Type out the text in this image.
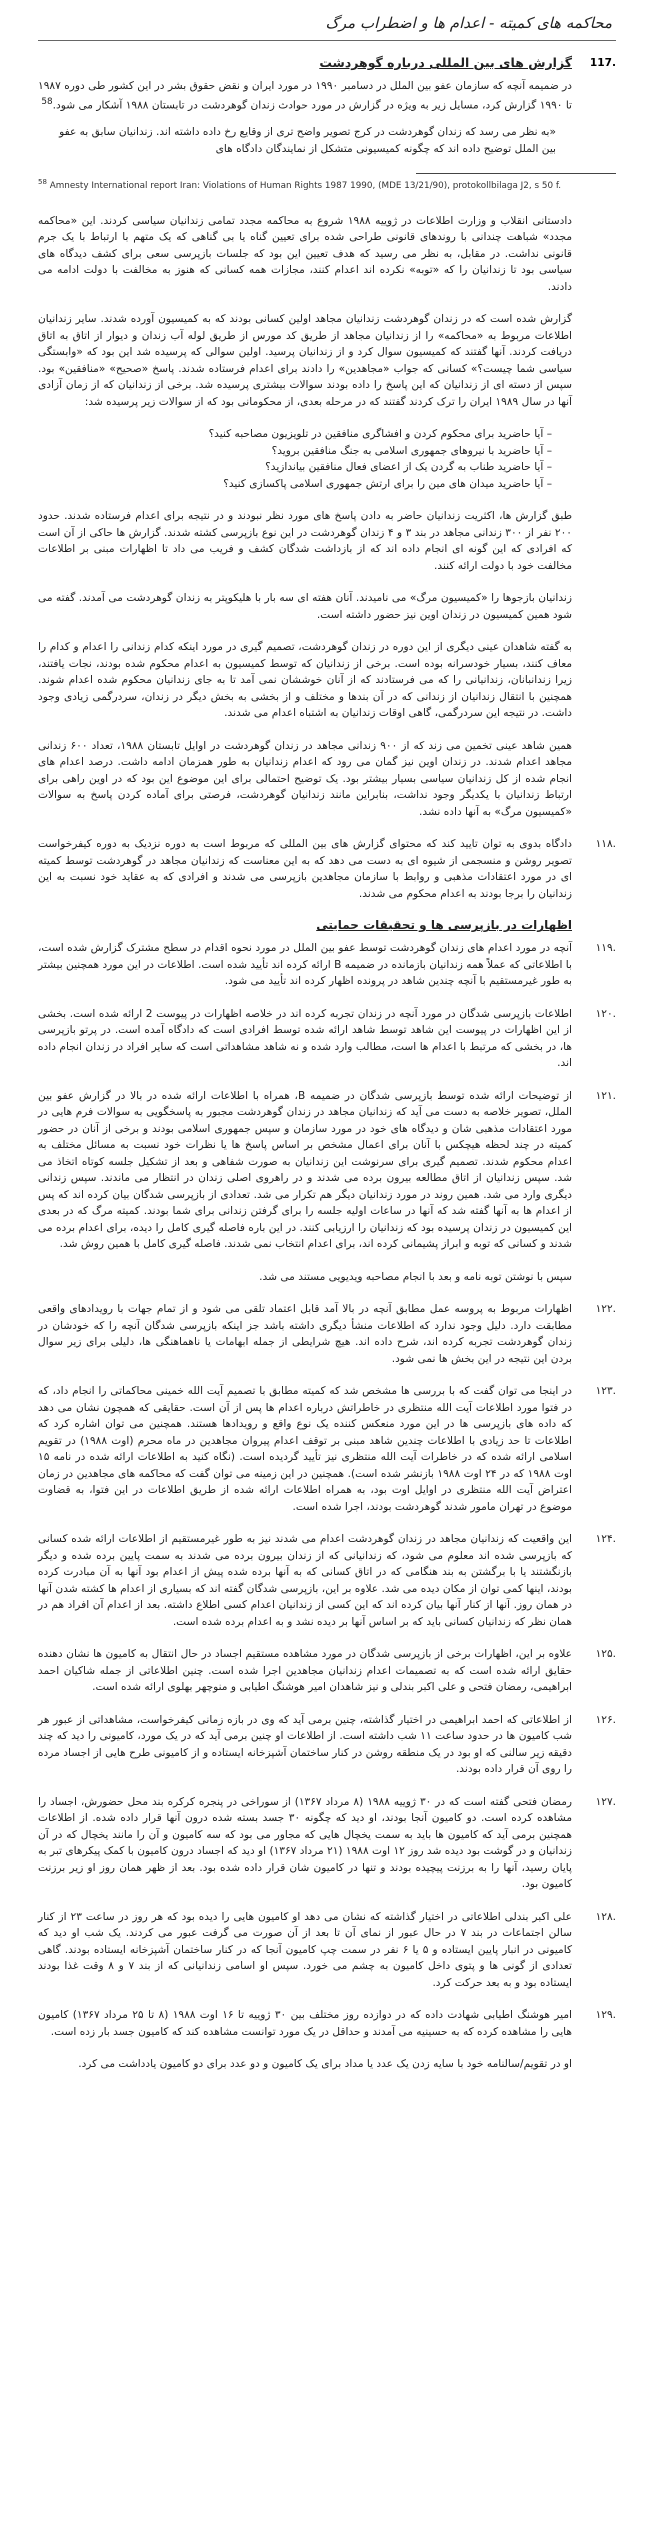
محاکمه های کمیته - اعدام ها و اضطراب مرگ
117.
گزارش های بین المللی درباره گوهردشت
در ضمیمه آنچه که سازمان عفو بین الملل در دسامبر ۱۹۹۰ در مورد ایران و نقض حقوق بشر در این کشور طی دوره ۱۹۸۷ تا ۱۹۹۰ گزارش کرد، مسایل زیر به ویژه در گزارش در مورد حوادث زندان گوهردشت در تابستان ۱۹۸۸ آشکار می شود.$^{58}$
«به نظر می رسد که زندان گوهردشت در کرج تصویر واضح تری از وقایع رخ داده داشته اند. زندانیان سابق به عفو بین الملل توضیح داده اند که چگونه کمیسیونی متشکل از نمایندگان دادگاه های
$^{58}$ Amnesty International report Iran: Violations of Human Rights 1987 1990, (MDE 13/21/90), protokollbilaga J2, s 50 f.
دادستانی انقلاب و وزارت اطلاعات در ژوییه ۱۹۸۸ شروع به محاکمه مجدد تمامی زندانیان سیاسی کردند. این «محاکمه مجدد» شباهت چندانی با روندهای قانونی طراحی شده برای تعیین گناه یا بی گناهی که یک متهم با ارتباط با یک جرم قانونی نداشت. در مقابل، به نظر می رسید که هدف تعیین این بود که جلسات بازپرسی سعی برای کشف دیدگاه های سیاسی بود تا زندانیان را که «توبه» نکرده اند اعدام کنند، مجازات همه کسانی که هنوز به مخالفت با دولت ادامه می دادند.
گزارش شده است که در زندان گوهردشت زندانیان مجاهد اولین کسانی بودند که به کمیسیون آورده شدند. سایر زندانیان اطلاعات مربوط به «محاکمه» را از زندانیان مجاهد از طریق کد مورس از طریق لوله آب زندان و دیوار از اتاق به اتاق دریافت کردند. آنها گفتند که کمیسیون سوال کرد و از زندانیان پرسید. اولین سوالی که پرسیده شد این بود که «وابستگی سیاسی شما چیست؟» کسانی که جواب «مجاهدین» را دادند برای اعدام فرستاده شدند. پاسخ «صحیح» «منافقین» بود. سپس از دسته ای از زندانیان که این پاسخ را داده بودند سوالات بیشتری پرسیده شد. برخی از زندانیان که از زمان آزادی آنها در سال ۱۹۸۹ ایران را ترک کردند گفتند که در مرحله بعدی، از محکومانی بود که از سوالات زیر پرسیده شد:
– آیا حاضرید برای محکوم کردن و افشاگری منافقین در تلویزیون مصاحبه کنید؟
– آیا حاضرید با نیروهای جمهوری اسلامی به جنگ منافقین بروید؟
– آیا حاضرید طناب به گردن یک از اعضای فعال منافقین بیاندازید؟
– آیا حاضرید میدان های مین را برای ارتش جمهوری اسلامی پاکسازی کنید؟
طبق گزارش ها، اکثریت زندانیان حاضر به دادن پاسخ های مورد نظر نبودند و در نتیجه برای اعدام فرستاده شدند. حدود ۲۰۰ نفر از ۳۰۰ زندانی مجاهد در بند ۳ و ۴ زندان گوهردشت در این نوع بازپرسی کشته شدند. گزارش ها حاکی از آن است که افرادی که این گونه ای انجام داده اند که از بازداشت شدگان کشف و فریب می داد تا اظهارات مبنی بر اطلاعات مخالفت خود با دولت ارائه کنند.
زندانیان بازجوها را «کمیسیون مرگ» می نامیدند. آنان هفته ای سه بار با هلیکوپتر به زندان گوهردشت می آمدند. گفته می شود همین کمیسیون در زندان اوین نیز حضور داشته است.
به گفته شاهدان عینی دیگری از این دوره در زندان گوهردشت، تصمیم گیری در مورد اینکه کدام زندانی را اعدام و کدام را معاف کنند، بسیار خودسرانه بوده است. برخی از زندانیان که توسط کمیسیون به اعدام محکوم شده بودند، نجات یافتند، زیرا زندانبانان، زندانیانی را که می فرستادند که از آنان خوششان نمی آمد تا به جای زندانیان محکوم شده اعدام شوند. همچنین با انتقال زندانیان از زندانی که در آن بندها و مختلف و از بخشی به بخش دیگر در زندان، سردرگمی زیادی وجود داشت. در نتیجه این سردرگمی، گاهی اوقات زندانیان به اشتباه اعدام می شدند.
همین شاهد عینی تخمین می زند که از ۹۰۰ زندانی مجاهد در زندان گوهردشت در اوایل تابستان ۱۹۸۸، تعداد ۶۰۰ زندانی مجاهد اعدام شدند. در زندان اوین نیز گمان می رود که اعدام زندانیان به طور همزمان ادامه داشت. درصد اعدام های انجام شده از کل زندانیان سیاسی بسیار بیشتر بود. یک توضیح احتمالی برای این موضوع این بود که در اوین راهی برای ارتباط زندانیان با یکدیگر وجود نداشت، بنابراین مانند زندانیان گوهردشت، فرصتی برای آماده کردن پاسخ به سوالات «کمیسیون مرگ» به آنها داده نشد.
۱۱۸.
دادگاه بدوی به توان تایید کند که محتوای گزارش های بین المللی که مربوط است به دوره نزدیک به دوره کیفرخواست تصویر روشن و منسجمی از شیوه ای به دست می دهد که به این معناست که زندانیان مجاهد در گوهردشت توسط کمیته ای در مورد اعتقادات مذهبی و روابط با سازمان مجاهدین بازپرسی می شدند و افرادی که به عقاید خود نسبت به این زندانیان را برجا بودند به اعدام محکوم می شدند.
اظهارات در بازپرسی ها و تحقیقات حمایتی
۱۱۹.
آنچه در مورد اعدام های زندان گوهردشت توسط عفو بین الملل در مورد نحوه اقدام در سطح مشترک گزارش شده است، با اطلاعاتی که عملاً همه زندانیان بازمانده در ضمیمه B ارائه کرده اند تأیید شده است. اطلاعات در این مورد همچنین بیشتر به طور غیرمستقیم با آنچه چندین شاهد در پرونده اظهار کرده اند تأیید می شود.
۱۲۰.
اطلاعات بازپرسی شدگان در مورد آنچه در زندان تجربه کرده اند در خلاصه اظهارات در پیوست 2 ارائه شده است. بخشی از این اظهارات در پیوست این شاهد توسط شاهد ارائه شده توسط افرادی است که دادگاه آمده است. در پرتو بازپرسی ها، در بخشی که مرتبط با اعدام ها است، مطالب وارد شده و نه شاهد مشاهداتی است که سایر افراد در زندان انجام داده اند.
۱۲۱.
از توضیحات ارائه شده توسط بازپرسی شدگان در ضمیمه B، همراه با اطلاعات ارائه شده در بالا در گزارش عفو بین الملل، تصویر خلاصه به دست می آید که زندانیان مجاهد در زندان گوهردشت مجبور به پاسخگویی به سوالات فرم هایی در مورد اعتقادات مذهبی شان و دیدگاه های خود در مورد سازمان و سپس جمهوری اسلامی بودند و برخی از آنان در حضور کمیته در چند لحظه هیچکس با آنان برای اعمال مشخص بر اساس پاسخ ها یا نظرات خود نسبت به مسائل مختلف به اعدام محکوم شدند. تصمیم گیری برای سرنوشت این زندانیان به صورت شفاهی و بعد از تشکیل جلسه کوتاه اتخاذ می شد. سپس زندانیان از اتاق مطالعه بیرون برده می شدند و در راهروی اصلی زندان در انتظار می ماندند. سپس زندانی دیگری وارد می شد. همین روند در مورد زندانیان دیگر هم تکرار می شد. تعدادی از بازپرسی شدگان بیان کرده اند که پس از اعدام ها به آنها گفته شد که آنها در ساعات اولیه جلسه را برای گرفتن زندانی برای شما بودند. کمیته مرگ که در بعدی این کمیسیون در زندان پرسیده بود که زندانیان را ارزیابی کنند. در این باره فاصله گیری کامل را دیده، برای اعدام برده می شدند و کسانی که توبه و ابراز پشیمانی کرده اند، برای اعدام انتخاب نمی شدند. فاصله گیری کامل با همین روش شد.
سپس با نوشتن توبه نامه و بعد با انجام مصاحبه ویدیویی مستند می شد.
۱۲۲.
اظهارات مربوط به پروسه عمل مطابق آنچه در بالا آمد قابل اعتماد تلقی می شود و از تمام جهات با رویدادهای واقعی مطابقت دارد. دلیل وجود ندارد که اطلاعات منشأ دیگری داشته باشد جز اینکه بازپرسی شدگان آنچه را که خودشان در زندان گوهردشت تجربه کرده اند، شرح داده اند. هیچ شرایطی از جمله ابهامات یا ناهماهنگی ها، دلیلی برای زیر سوال بردن این نتیجه در این بخش ها نمی شود.
۱۲۳.
در اینجا می توان گفت که با بررسی ها مشخص شد که کمیته مطابق با تصمیم آیت الله خمینی محاکماتی را انجام داد، که در فتوا مورد اطلاعات آیت الله منتظری در خاطراتش درباره اعدام ها پس از آن است. حقایقی که همچون نشان می دهد که داده های بازپرسی ها در این مورد منعکس کننده یک نوع واقع و رویدادها هستند. همچنین می توان اشاره کرد که اطلاعات تا حد زیادی با اطلاعات چندین شاهد مبنی بر توقف اعدام پیروان مجاهدین در ماه محرم (اوت ۱۹۸۸) در تقویم اسلامی ارائه شده که در خاطرات آیت الله منتظری نیز تأیید گردیده است. (نگاه کنید به اطلاعات ارائه شده در نامه ۱۵ اوت ۱۹۸۸ که در ۲۴ اوت ۱۹۸۸ بازنشر شده است). همچنین در این زمینه می توان گفت که محاکمه های مجاهدین در زمان اعتراض آیت الله منتظری در اوایل اوت بود، به همراه اطلاعات ارائه شده از طریق اطلاعات در این فتوا، به قضاوت موضوع در تهران مامور شدند گوهردشت بودند، اجرا شده است.
۱۲۴.
این واقعیت که زندانیان مجاهد در زندان گوهردشت اعدام می شدند نیز به طور غیرمستقیم از اطلاعات ارائه شده کسانی که بازپرسی شده اند معلوم می شود، که زندانیانی که از زندان بیرون برده می شدند به سمت پایین برده شده و دیگر بازنگشتند یا با برگشتن به بند هنگامی که در اتاق کسانی که به آنها برده شده پیش از اعدام بود آنها به آن مبادرت کرده بودند، اینها کمی توان از مکان دیده می شد. علاوه بر این، بازپرسی شدگان گفته اند که بسیاری از اعدام ها کشته شدن آنها در همان روز. آنها از کنار آنها بیان کرده اند که این کسی از زندانیان اعدام کسی اطلاع داشته. بعد از اعدام آن افراد هم در همان نظر که زندانیان کسانی باید که بر اساس آنها بر دیده نشد و به اعدام برده شده است.
۱۲۵.
علاوه بر این، اظهارات برخی از بازپرسی شدگان در مورد مشاهده مستقیم اجساد در حال انتقال به کامیون ها نشان دهنده حقایق ارائه شده است که به تصمیمات اعدام زندانیان مجاهدین اجرا شده است. چنین اطلاعاتی از جمله شاکیان احمد ابراهیمی، رمضان فتحی و علی اکبر بندلی و نیز شاهدان امیر هوشنگ اطیابی و منوچهر بهلوی ارائه شده است.
۱۲۶.
از اطلاعاتی که احمد ابراهیمی در اختیار گذاشته، چنین برمی آید که وی در بازه زمانی کیفرخواست، مشاهداتی از عبور هر شب کامیون ها در حدود ساعت ۱۱ شب داشته است. از اطلاعات او چنین برمی آید که در یک مورد، کامیونی را دید که چند دقیقه زیر سالنی که او بود در یک منطقه روشن در کنار ساختمان آشپزخانه ایستاده و از کامیونی طرح هایی از اجساد مرده را روی آن قرار داده بودند.
۱۲۷.
رمضان فتحی گفته است که در ۳۰ ژوییه ۱۹۸۸ (۸ مرداد ۱۳۶۷) از سوراخی در پنجره کرکره بند محل حضورش، اجساد را مشاهده کرده است. دو کامیون آنجا بودند، او دید که چگونه ۳۰ جسد بسته شده درون آنها قرار داده شده. از اطلاعات همچنین برمی آید که کامیون ها باید به سمت یخچال هایی که مجاور می بود که سه کامیون و آن را مانند یخچال که در آن زندانیان و در گوشت بود دیده شد روز ۱۲ اوت ۱۹۸۸ (۲۱ مرداد ۱۳۶۷) او دید که اجساد درون کامیون با کمک پیکرهای تبر به پایان رسید، آنها را به برزنت پیچیده بودند و تنها در کامیون شان قرار داده شده بود. بعد از ظهر همان روز او زیر برزنت کامیون بود.
۱۲۸.
علی اکبر بندلی اطلاعاتی در اختیار گذاشته که نشان می دهد او کامیون هایی را دیده بود که هر روز در ساعت ۲۳ از کنار سالن اجتماعات در بند ۷ در حال عبور از نمای آن تا بعد از آن صورت می گرفت عبور می کردند. یک شب او دید که کامیونی در انبار پایین ایستاده و ۵ یا ۶ نفر در سمت چپ کامیون آنجا که در کنار ساختمان آشپزخانه ایستاده بودند. گاهی تعدادی از گونی ها و پتوی داخل کامیون به چشم می خورد. سپس او اسامی زندانیانی که از بند ۷ و ۸ وقت غذا بودند ایستاده بود و به بعد حرکت کرد.
۱۲۹.
امیر هوشنگ اطیابی شهادت داده که در دوازده روز مختلف بین ۳۰ ژوییه تا ۱۶ اوت ۱۹۸۸ (۸ تا ۲۵ مرداد ۱۳۶۷) کامیون هایی را مشاهده کرده که به حسینیه می آمدند و حداقل در یک مورد توانست مشاهده کند که کامیون جسد بار زده است.
او در تقویم/سالنامه خود با سایه زدن یک عدد یا مداد برای یک کامیون و دو عدد برای دو کامیون یادداشت می کرد.
